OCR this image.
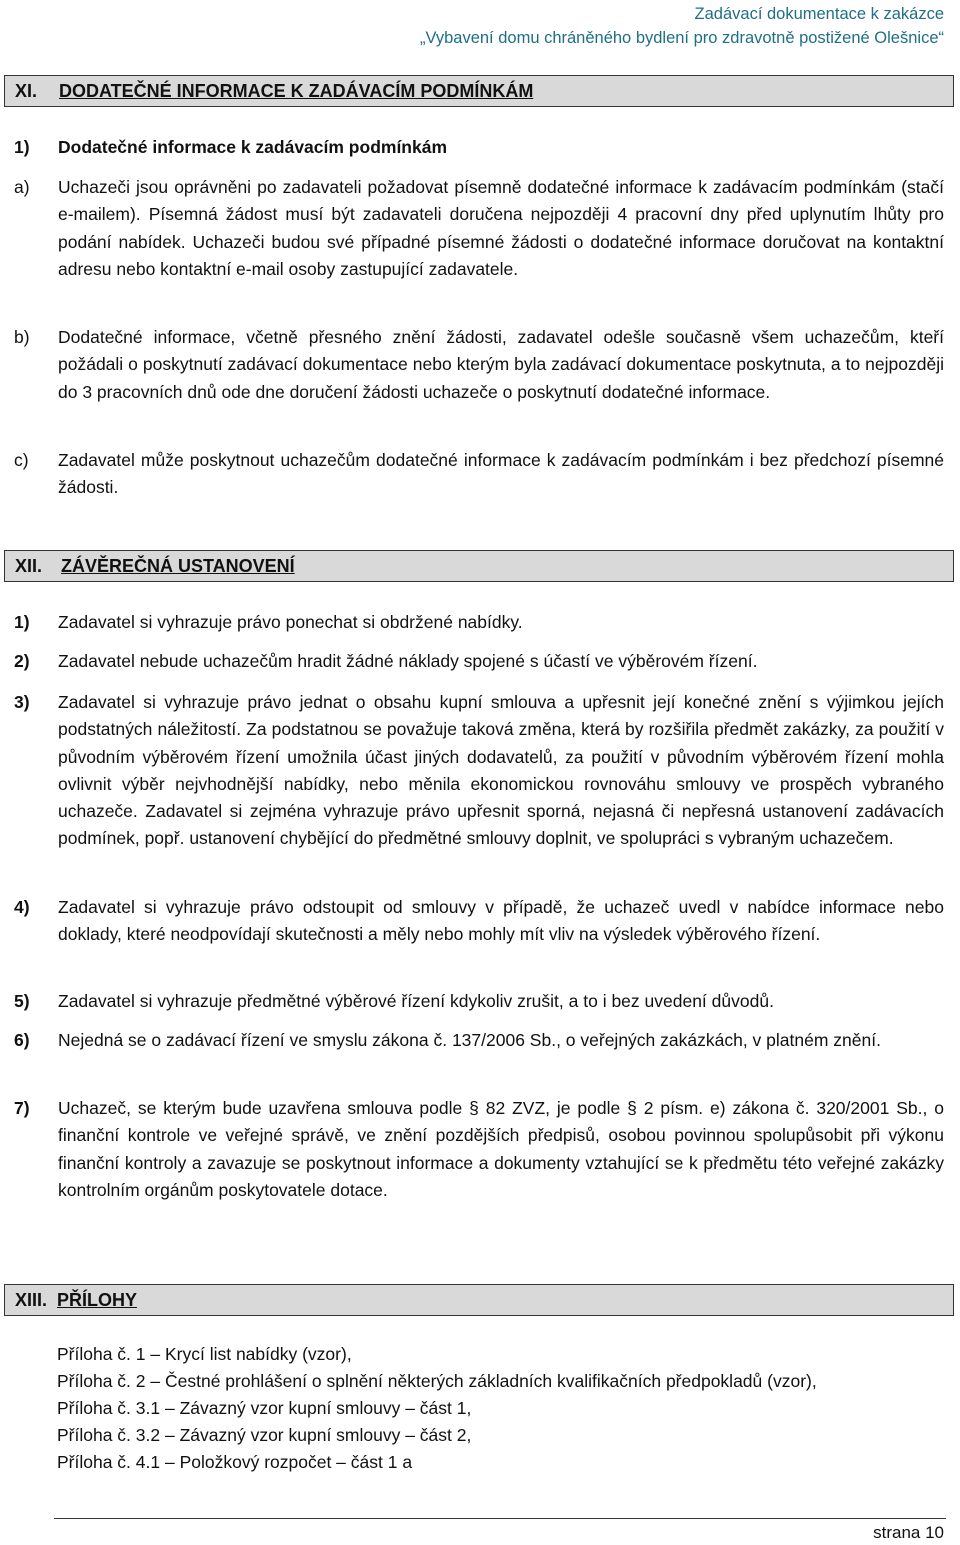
Zadávací dokumentace k zakázce
„Vybavení domu chráněného bydlení pro zdravotně postižené Olešnice“
XI. DODATEČNÉ INFORMACE K ZADÁVACÍM PODMÍNKÁM
1) Dodatečné informace k zadávacím podmínkám
a) Uchazeči jsou oprávněni po zadavateli požadovat písemně dodatečné informace k zadávacím podmínkám (stačí e-mailem). Písemná žádost musí být zadavateli doručena nejpozději 4 pracovní dny před uplynutím lhůty pro podání nabídek. Uchazeči budou své případné písemné žádosti o dodatečné informace doručovat na kontaktní adresu nebo kontaktní e-mail osoby zastupující zadavatele.
b) Dodatečné informace, včetně přesného znění žádosti, zadavatel odešle současně všem uchazečům, kteří požádali o poskytnutí zadávací dokumentace nebo kterým byla zadávací dokumentace poskytnuta, a to nejpozději do 3 pracovních dnů ode dne doručení žádosti uchazeče o poskytnutí dodatečné informace.
c) Zadavatel může poskytnout uchazečům dodatečné informace k zadávacím podmínkám i bez předchozí písemné žádosti.
XII. ZÁVĚREČNÁ USTANOVENÍ
1) Zadavatel si vyhrazuje právo ponechat si obdržené nabídky.
2) Zadavatel nebude uchazečům hradit žádné náklady spojené s účastí ve výběrovém řízení.
3) Zadavatel si vyhrazuje právo jednat o obsahu kupní smlouva a upřesnit její konečné znění s výjimkou jejích podstatných náležitostí. Za podstatnou se považuje taková změna, která by rozšiřila předmět zakázky, za použití v původním výběrovém řízení umožnila účast jiných dodavatelů, za použití v původním výběrovém řízení mohla ovlivnit výběr nejvhodnější nabídky, nebo měnila ekonomickou rovnováhu smlouvy ve prospěch vybraného uchazeče. Zadavatel si zejména vyhrazuje právo upřesnit sporná, nejasná či nepřesná ustanovení zadávacích podmínek, popř. ustanovení chybějící do předmětné smlouvy doplnit, ve spolupráci s vybraným uchazečem.
4) Zadavatel si vyhrazuje právo odstoupit od smlouvy v případě, že uchazeč uvedl v nabídce informace nebo doklady, které neodpovídají skutečnosti a měly nebo mohly mít vliv na výsledek výběrového řízení.
5) Zadavatel si vyhrazuje předmětné výběrové řízení kdykoliv zrušit, a to i bez uvedení důvodů.
6) Nejedná se o zadávací řízení ve smyslu zákona č. 137/2006 Sb., o veřejných zakázkách, v platném znění.
7) Uchazeč, se kterým bude uzavřena smlouva podle § 82 ZVZ, je podle § 2 písm. e) zákona č. 320/2001 Sb., o finanční kontrole ve veřejné správě, ve znění pozdějších předpisů, osobou povinnou spolupůsobit při výkonu finanční kontroly a zavazuje se poskytnout informace a dokumenty vztahující se k předmětu této veřejné zakázky kontrolním orgánům poskytovatele dotace.
XIII. PŘÍLOHY
Příloha č. 1 – Krycí list nabídky (vzor),
Příloha č. 2 – Čestné prohlášení o splnění některých základních kvalifikačních předpokladů (vzor),
Příloha č. 3.1 – Závazný vzor kupní smlouvy – část 1,
Příloha č. 3.2 – Závazný vzor kupní smlouvy – část 2,
Příloha č. 4.1 – Položkový rozpočet – část 1 a
strana 10
